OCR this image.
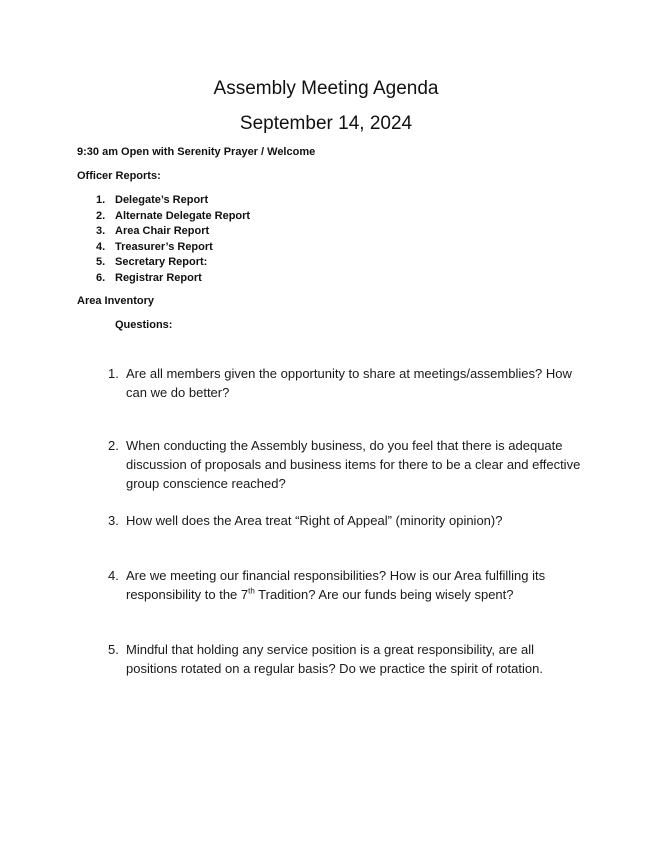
Assembly Meeting Agenda
September 14, 2024
9:30 am Open with Serenity Prayer / Welcome
Officer Reports:
1. Delegate’s Report
2. Alternate Delegate Report
3. Area Chair Report
4. Treasurer’s Report
5. Secretary Report:
6. Registrar Report
Area Inventory
Questions:
1. Are all members given the opportunity to share at meetings/assemblies? How can we do better?
2. When conducting the Assembly business, do you feel that there is adequate discussion of proposals and business items for there to be a clear and effective group conscience reached?
3. How well does the Area treat “Right of Appeal” (minority opinion)?
4. Are we meeting our financial responsibilities? How is our Area fulfilling its responsibility to the 7th Tradition? Are our funds being wisely spent?
5. Mindful that holding any service position is a great responsibility, are all positions rotated on a regular basis? Do we practice the spirit of rotation.
